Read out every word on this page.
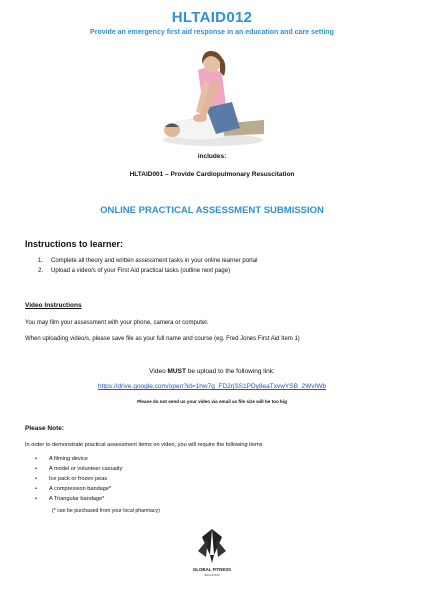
HLTAID012
Provide an emergency first aid response in an education and care setting
includes:
HLTAID001 – Provide Cardiopulmonary Resuscitation
ONLINE PRACTICAL ASSESSMENT SUBMISSION
Instructions to learner:
1.	Complete all theory and written assessment tasks in your online learner portal
2.	Upload a video/s of your First Aid practical tasks (outline next page)
Video Instructions
You may film your assessment with your phone, camera or computer.
When uploading video/s, please save file as your full name and course (eg. Fred Jones First Aid Item 1)
Video MUST be upload to the following link:
https://drive.google.com/open?id=1hw7g_FD2rjSS1PDy8eaTxvwYSB_2WvIWb
Please do not send us your video via email as file size will be too big
Please Note:
In order to demonstrate practical assessment items on video, you will require the following items
•	A filming device
•	A model or volunteer casualty
•	Ice pack or frozen peas
•	A compression bandage*
•	A Triangular bandage*
(* can be purchased from your local pharmacy)
GLOBAL FITNESS
EDUCATION
